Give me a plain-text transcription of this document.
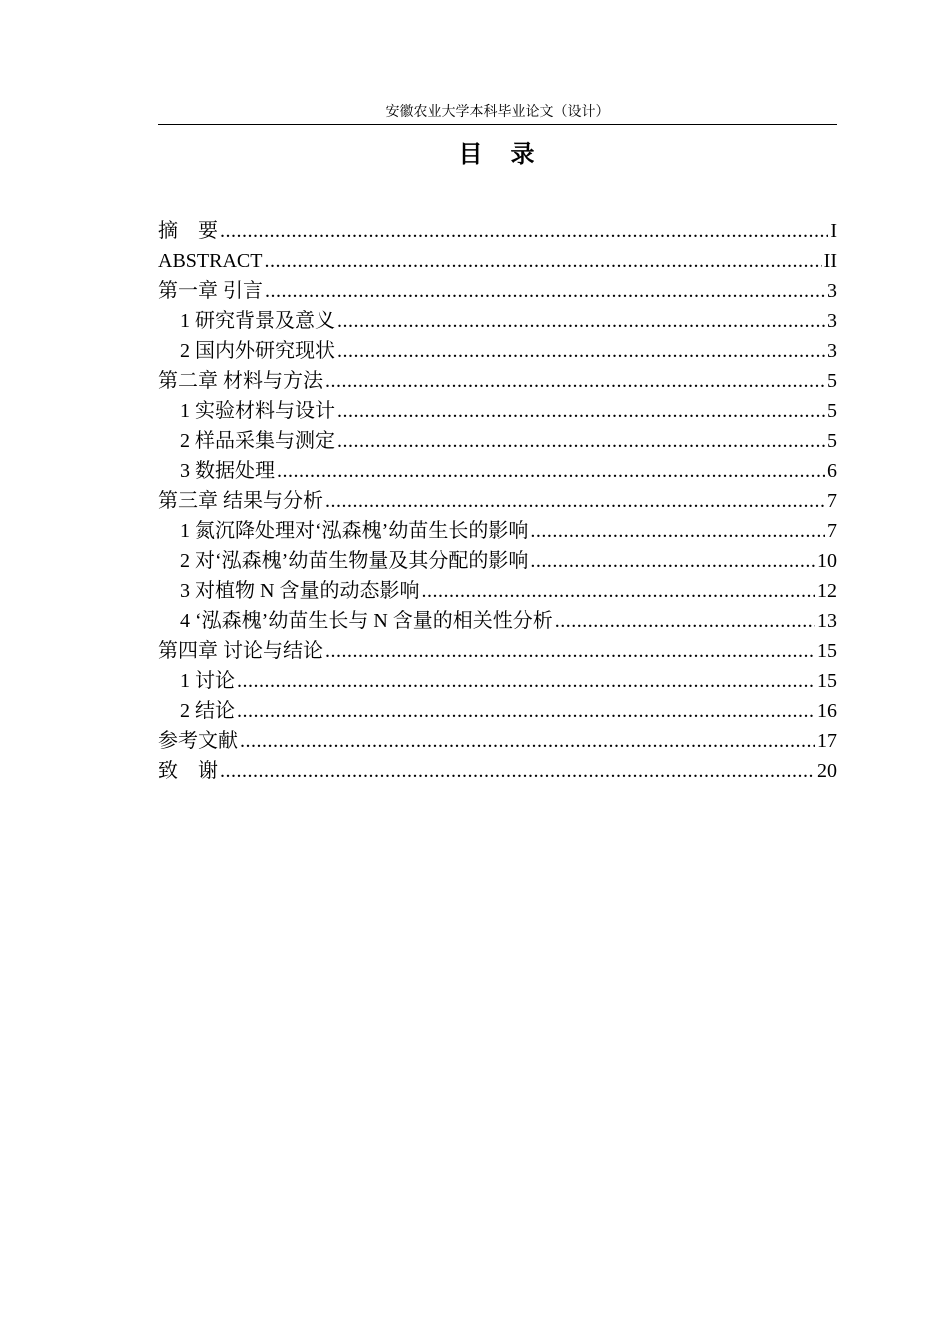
安徽农业大学本科毕业论文（设计）
目　录
摘　要 .....	I
ABSTRACT .....	II
第一章 引言 .....	3
1 研究背景及意义 .....	3
2 国内外研究现状 .....	3
第二章 材料与方法 .....	5
1 实验材料与设计 .....	5
2 样品采集与测定 .....	5
3 数据处理 .....	6
第三章 结果与分析 .....	7
1 氮沉降处理对‘泓森槐’幼苗生长的影响 .....	7
2 对‘泓森槐’幼苗生物量及其分配的影响 .....	10
3 对植物 N 含量的动态影响 .....	12
4 ‘泓森槐’幼苗生长与 N 含量的相关性分析 .....	13
第四章 讨论与结论 .....	15
1 讨论 .....	15
2 结论 .....	16
参考文献 .....	17
致　谢 .....	20
